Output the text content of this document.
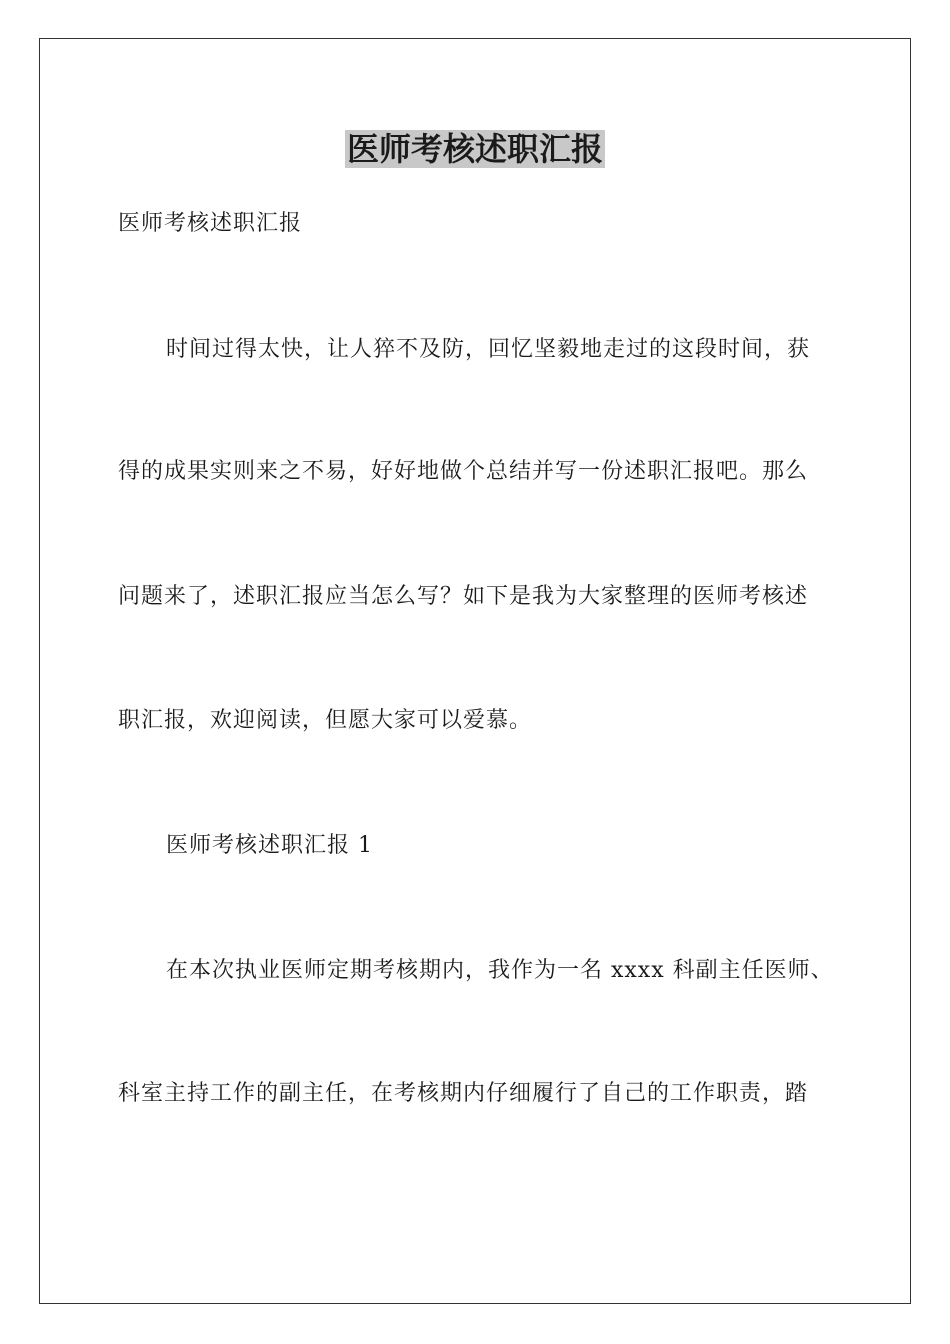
医师考核述职汇报
医师考核述职汇报
时间过得太快，让人猝不及防，回忆坚毅地走过的这段时间，获
得的成果实则来之不易，好好地做个总结并写一份述职汇报吧。那么
问题来了，述职汇报应当怎么写？如下是我为大家整理的医师考核述
职汇报，欢迎阅读，但愿大家可以爱慕。
医师考核述职汇报 1
在本次执业医师定期考核期内，我作为一名 xxxx 科副主任医师、
科室主持工作的副主任，在考核期内仔细履行了自己的工作职责，踏
